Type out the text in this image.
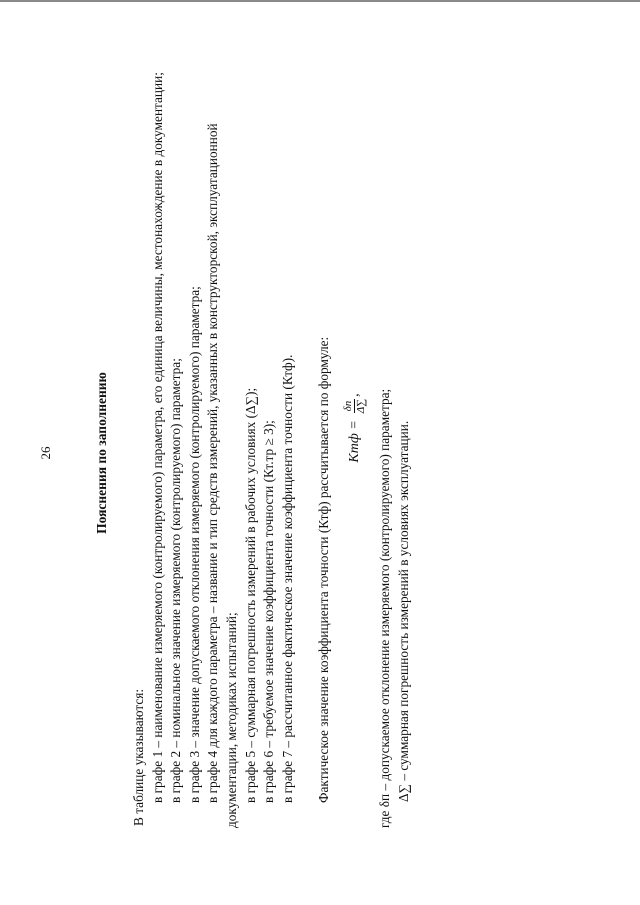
26	Пояснения по заполнению

В таблице указываются: в графе 1 – наименование измеряемого (контролируемого) параметра, его единица величины, местонахождение в документации; в графе 2 – номинальное значение измеряемого (контролируемого) параметра; в графе 3 – значение допускаемого отклонения измеряемого (контролируемого) параметра; в графе 4 для каждого параметра – название и тип средств измерений, указанных в конструкторской, эксплуатационной документации, методиках испытаний; в графе 5 – суммарная погрешность измерений в рабочих условиях (Δ∑); в графе 6 – требуемое значение коэффициента точности (Кт.тр ≥ 3); в графе 7 – рассчитанное фактическое значение коэффициента точности (Ктф). Фактическое значение коэффициента точности (Ктф) рассчитывается по формуле: Kтф =
δп Δ∑
, где δп – допускаемое отклонение измеряемого (контролируемого) параметра; Δ∑ – суммарная погрешность измерений в условиях эксплуатации.
